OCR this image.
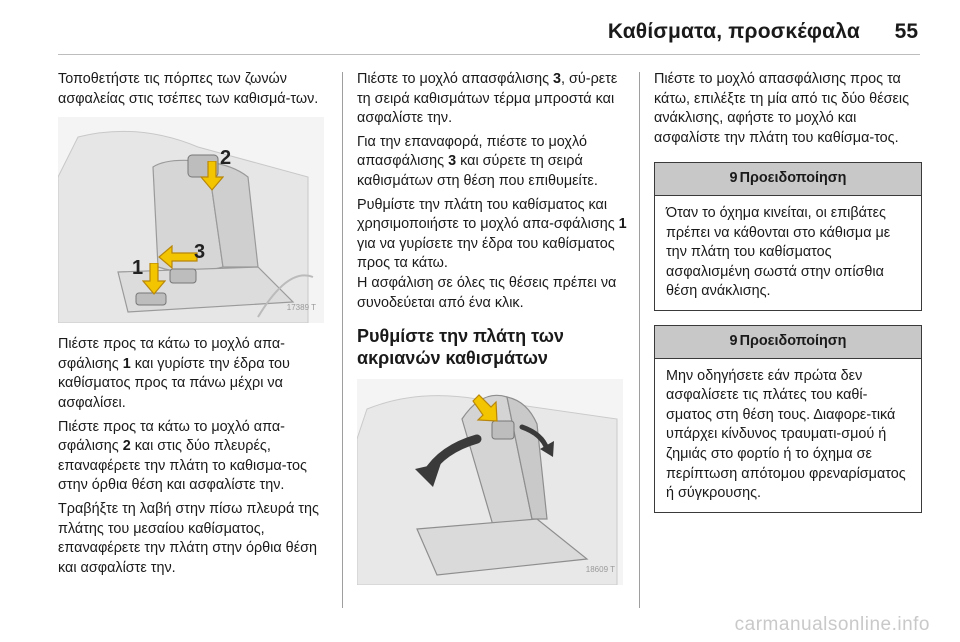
Καθίσματα, προσκέφαλα 55

Τοποθετήστε τις πόρπες των ζωνών ασφαλείας στις τσέπες των καθισμά-των.

2
3
1
17389 T

Πιέστε προς τα κάτω το μοχλό απα-σφάλισης 1 και γυρίστε την έδρα του καθίσματος προς τα πάνω μέχρι να ασφαλίσει.

Πιέστε προς τα κάτω το μοχλό απα-σφάλισης 2 και στις δύο πλευρές, επαναφέρετε την πλάτη το καθισμα-τος στην όρθια θέση και ασφαλίστε την.

Τραβήξτε τη λαβή στην πίσω πλευρά της πλάτης του μεσαίου καθίσματος, επαναφέρετε την πλάτη στην όρθια θέση και ασφαλίστε την.

Πιέστε το μοχλό απασφάλισης 3, σύ-ρετε τη σειρά καθισμάτων τέρμα μπροστά και ασφαλίστε την.

Για την επαναφορά, πιέστε το μοχλό απασφάλισης 3 και σύρετε τη σειρά καθισμάτων στη θέση που επιθυμείτε.

Ρυθμίστε την πλάτη του καθίσματος και χρησιμοποιήστε το μοχλό απα-σφάλισης 1 για να γυρίσετε την έδρα του καθίσματος προς τα κάτω.

Η ασφάλιση σε όλες τις θέσεις πρέπει να συνοδεύεται από ένα κλικ.

Ρυθμίστε την πλάτη των ακριανών καθισμάτων
18609 T

Πιέστε το μοχλό απασφάλισης προς τα κάτω, επιλέξτε τη μία από τις δύο θέσεις ανάκλισης, αφήστε το μοχλό και ασφαλίστε την πλάτη του καθίσμα-τος.

9 Προειδοποίηση
Όταν το όχημα κινείται, οι επιβάτες πρέπει να κάθονται στο κάθισμα με την πλάτη του καθίσματος ασφαλισμένη σωστά στην οπίσθια θέση ανάκλισης.
9 Προειδοποίηση
Μην οδηγήσετε εάν πρώτα δεν ασφαλίσετε τις πλάτες του καθί-σματος στη θέση τους. Διαφορε-τικά υπάρχει κίνδυνος τραυματι-σμού ή ζημιάς στο φορτίο ή το όχημα σε περίπτωση απότομου φρεναρίσματος ή σύγκρουσης.
carmanualsonline.info
